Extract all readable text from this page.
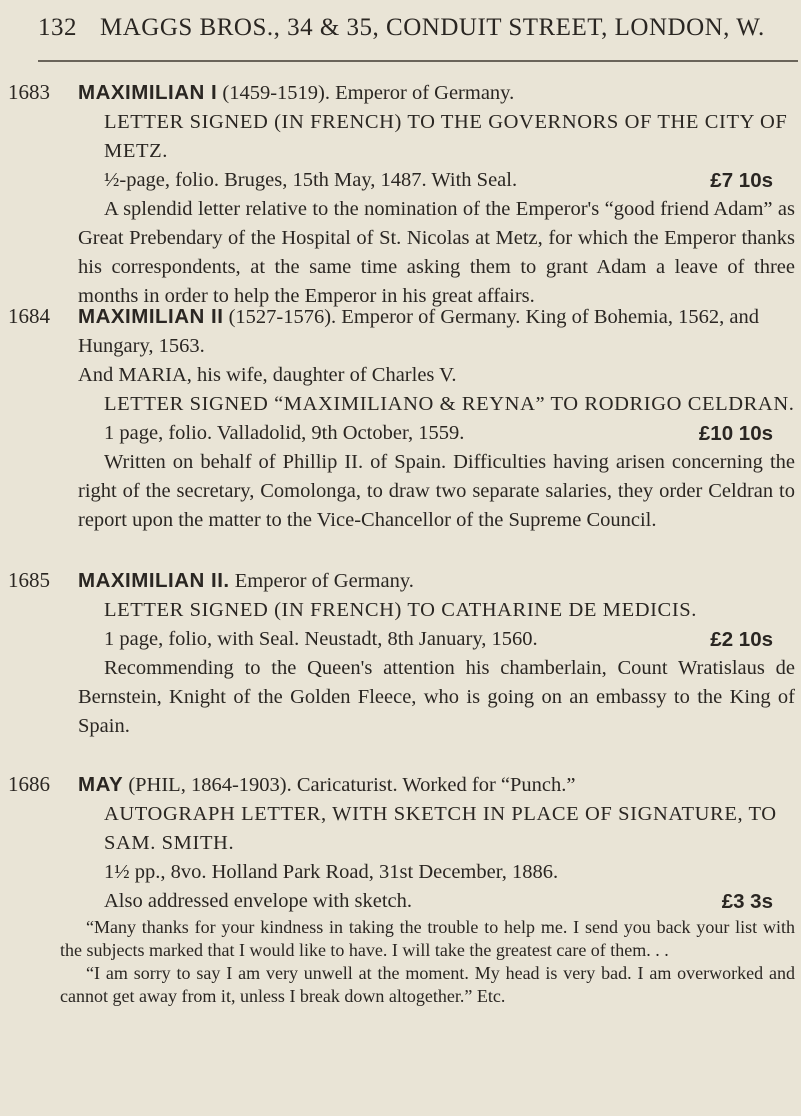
132 MAGGS BROS., 34 & 35, CONDUIT STREET, LONDON, W.
1683 MAXIMILIAN I (1459-1519). Emperor of Germany.
LETTER SIGNED (IN FRENCH) TO THE GOVERNORS OF THE CITY OF METZ.
½-page, folio. Bruges, 15th May, 1487. With Seal.	£7 10s
A splendid letter relative to the nomination of the Emperor's “good friend Adam” as Great Prebendary of the Hospital of St. Nicolas at Metz, for which the Emperor thanks his correspondents, at the same time asking them to grant Adam a leave of three months in order to help the Emperor in his great affairs.
1684 MAXIMILIAN II (1527-1576). Emperor of Germany. King of Bohemia, 1562, and Hungary, 1563.
And MARIA, his wife, daughter of Charles V.
LETTER SIGNED “MAXIMILIANO & REYNA” TO RODRIGO CELDRAN.
1 page, folio. Valladolid, 9th October, 1559.	£10 10s
Written on behalf of Phillip II. of Spain. Difficulties having arisen concerning the right of the secretary, Comolonga, to draw two separate salaries, they order Celdran to report upon the matter to the Vice-Chancellor of the Supreme Council.
1685 MAXIMILIAN II. Emperor of Germany.
LETTER SIGNED (IN FRENCH) TO CATHARINE DE MEDICIS.
1 page, folio, with Seal. Neustadt, 8th January, 1560.	£2 10s
Recommending to the Queen's attention his chamberlain, Count Wratislaus de Bernstein, Knight of the Golden Fleece, who is going on an embassy to the King of Spain.
1686 MAY (PHIL, 1864-1903). Caricaturist. Worked for “Punch.”
AUTOGRAPH LETTER, WITH SKETCH IN PLACE OF SIGNATURE, TO SAM. SMITH.
1½ pp., 8vo. Holland Park Road, 31st December, 1886.
Also addressed envelope with sketch.	£3 3s
“Many thanks for your kindness in taking the trouble to help me. I send you back your list with the subjects marked that I would like to have. I will take the greatest care of them. . .
“I am sorry to say I am very unwell at the moment. My head is very bad. I am overworked and cannot get away from it, unless I break down altogether.” Etc.
